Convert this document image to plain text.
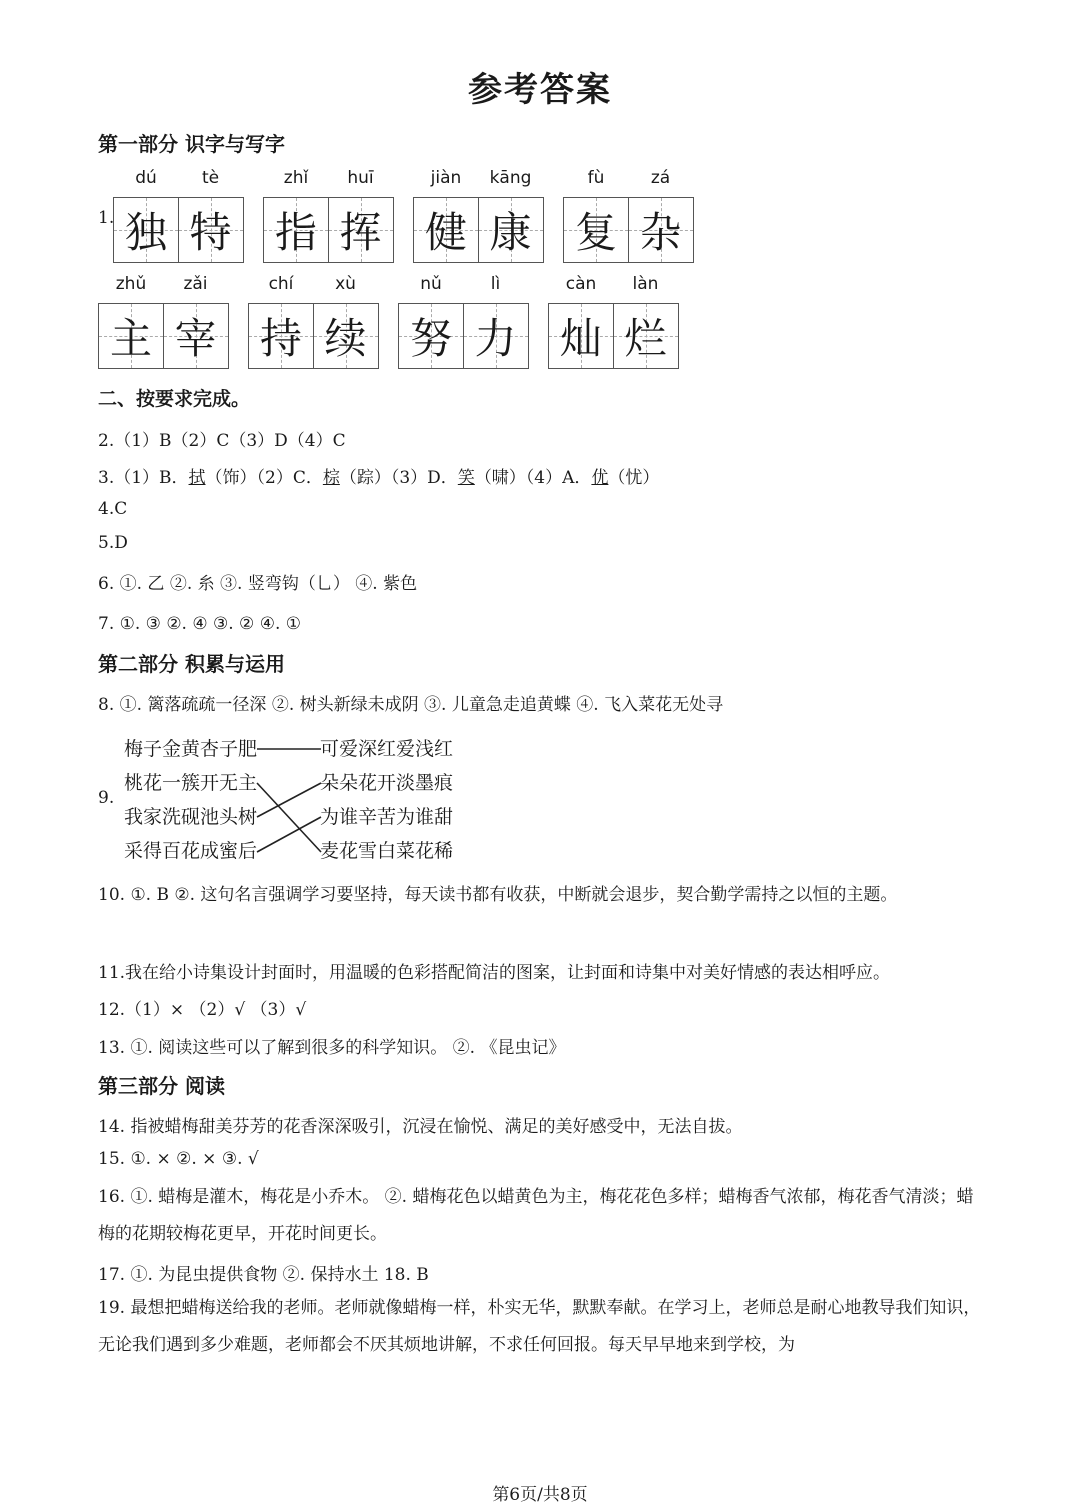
参考答案
第一部分 识字与写字
1.
dú
独
tè
特
zhǐ
指
huī
挥
jiàn
健
kāng
康
fù
复
zá
杂
zhǔ
主
zǎi
宰
chí
持
xù
续
nǔ
努
lì
力
càn
灿
làn
烂
二、按要求完成。
2.（1）B（2）C（3）D（4）C
3.（1）B．拭（饰）（2）C．棕（踪）（3）D．笑（啸）（4）A．优（忧）
4.C
5.D
6. ①. 乙 ②. 糸 ③. 竖弯钩（乚） ④. 紫色
7. ①. ③ ②. ④ ③. ② ④. ①
第二部分 积累与运用
8. ①. 篱落疏疏一径深 ②. 树头新绿未成阴 ③. 儿童急走追黄蝶 ④. 飞入菜花无处寻
9.
梅子金黄杏子肥
桃花一簇开无主
我家洗砚池头树
采得百花成蜜后
可爱深红爱浅红
朵朵花开淡墨痕
为谁辛苦为谁甜
麦花雪白菜花稀
10. ①. B ②. 这句名言强调学习要坚持，每天读书都有收获，中断就会退步，契合勤学需持之以恒的主题。
11.我在给小诗集设计封面时，用温暖的色彩搭配简洁的图案，让封面和诗集中对美好情感的表达相呼应。
12.（1）× （2）√ （3）√
13. ①. 阅读这些可以了解到很多的科学知识。 ②. 《昆虫记》
第三部分 阅读
14. 指被蜡梅甜美芬芳的花香深深吸引，沉浸在愉悦、满足的美好感受中，无法自拔。
15. ①. × ②. × ③. √
16. ①. 蜡梅是灌木，梅花是小乔木。 ②. 蜡梅花色以蜡黄色为主，梅花花色多样；蜡梅香气浓郁，梅花香气清淡；蜡梅的花期较梅花更早，开花时间更长。
17. ①. 为昆虫提供食物 ②. 保持水土 18. B
19. 最想把蜡梅送给我的老师。老师就像蜡梅一样，朴实无华，默默奉献。在学习上，老师总是耐心地教导我们知识，无论我们遇到多少难题，老师都会不厌其烦地讲解，不求任何回报。每天早早地来到学校，为
第6页/共8页
